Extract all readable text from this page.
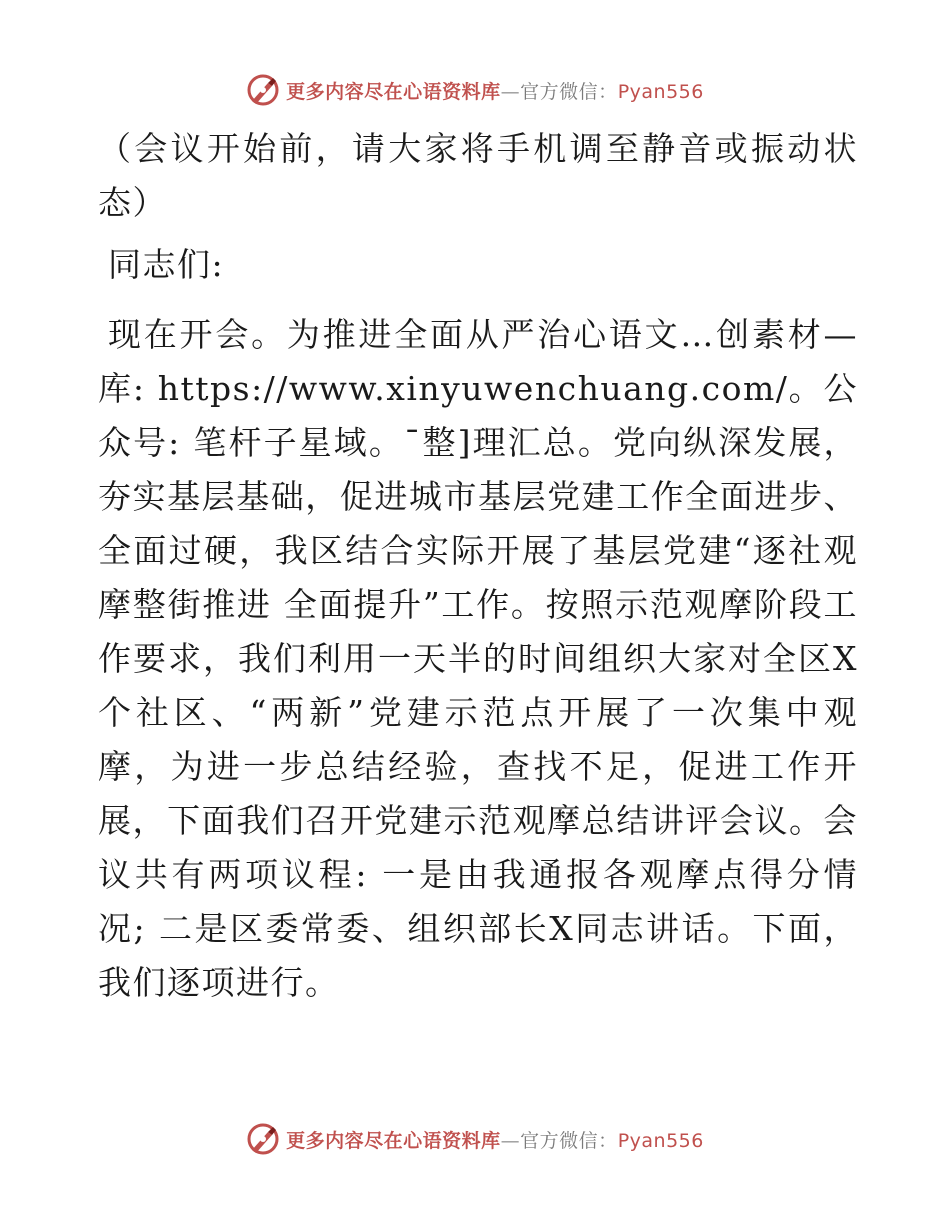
更多内容尽在心语资料库—官方微信：Pyan556

（会议开始前，请大家将手机调至静音或振动状态）

同志们:

现在开会。为推进全面从严治心语文…创素材—库: https://www.xinyuwenchuang.com/。公众号: 笔杆子星域。¯整]理汇总。党向纵深发展，夯实基层基础，促进城市基层党建工作全面进步、全面过硬，我区结合实际开展了基层党建“逐社观摩整街推进 全面提升”工作。按照示范观摩阶段工作要求，我们利用一天半的时间组织大家对全区X个社区、“两新”党建示范点开展了一次集中观摩，为进一步总结经验，查找不足，促进工作开展，下面我们召开党建示范观摩总结讲评会议。会议共有两项议程: 一是由我通报各观摩点得分情况; 二是区委常委、组织部长X同志讲话。下面，我们逐项进行。

更多内容尽在心语资料库—官方微信：Pyan556
